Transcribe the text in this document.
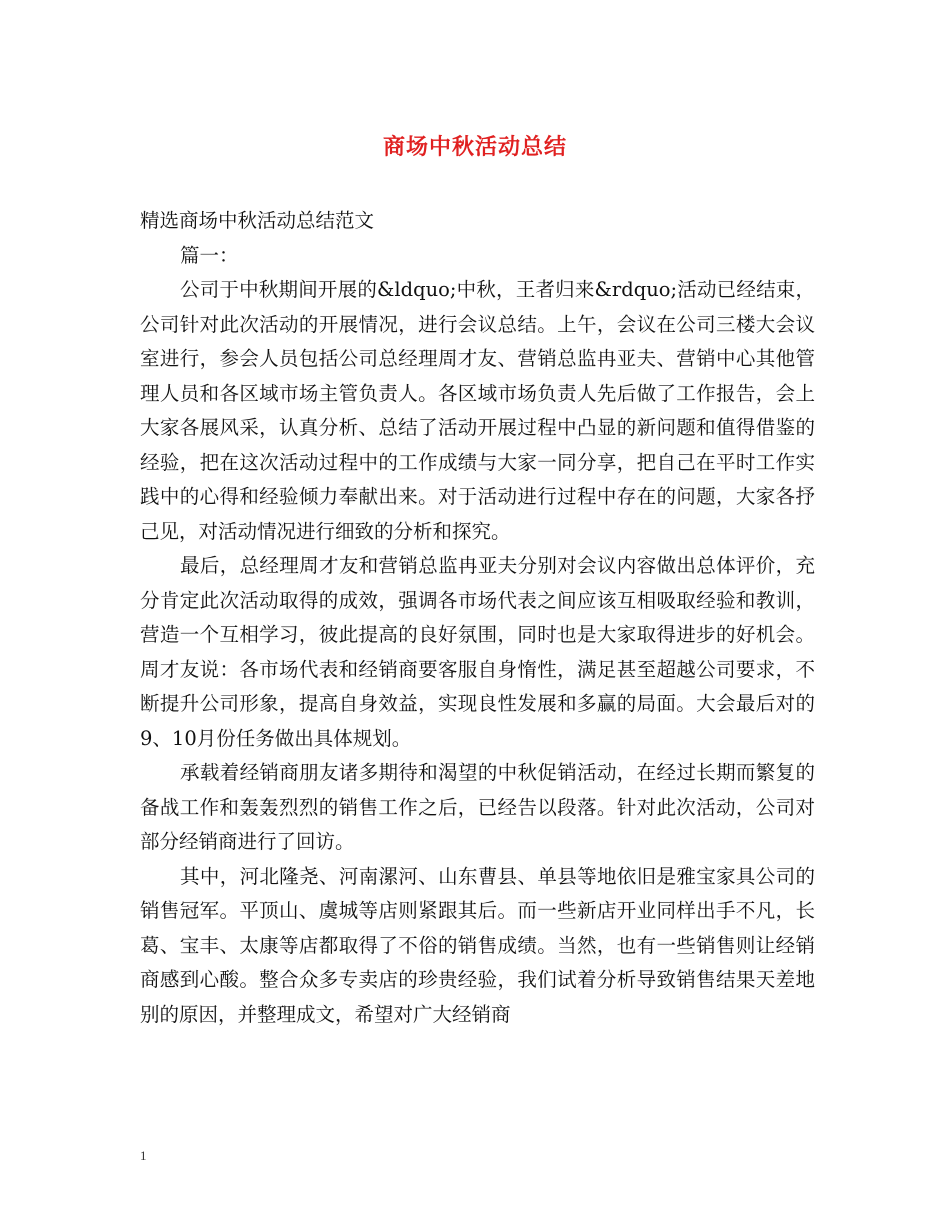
商场中秋活动总结

精选商场中秋活动总结范文

篇一：

公司于中秋期间开展的&ldquo;中秋，王者归来&rdquo;活动已经结束，公司针对此次活动的开展情况，进行会议总结。上午，会议在公司三楼大会议室进行，参会人员包括公司总经理周才友、营销总监冉亚夫、营销中心其他管理人员和各区域市场主管负责人。各区域市场负责人先后做了工作报告，会上大家各展风采，认真分析、总结了活动开展过程中凸显的新问题和值得借鉴的经验，把在这次活动过程中的工作成绩与大家一同分享，把自己在平时工作实践中的心得和经验倾力奉献出来。对于活动进行过程中存在的问题，大家各抒己见，对活动情况进行细致的分析和探究。

最后，总经理周才友和营销总监冉亚夫分别对会议内容做出总体评价，充分肯定此次活动取得的成效，强调各市场代表之间应该互相吸取经验和教训，营造一个互相学习，彼此提高的良好氛围，同时也是大家取得进步的好机会。周才友说：各市场代表和经销商要客服自身惰性，满足甚至超越公司要求，不断提升公司形象，提高自身效益，实现良性发展和多赢的局面。大会最后对的9、10月份任务做出具体规划。

承载着经销商朋友诸多期待和渴望的中秋促销活动，在经过长期而繁复的备战工作和轰轰烈烈的销售工作之后，已经告以段落。针对此次活动，公司对部分经销商进行了回访。

其中，河北隆尧、河南漯河、山东曹县、单县等地依旧是雅宝家具公司的销售冠军。平顶山、虞城等店则紧跟其后。而一些新店开业同样出手不凡，长葛、宝丰、太康等店都取得了不俗的销售成绩。当然，也有一些销售则让经销商感到心酸。整合众多专卖店的珍贵经验，我们试着分析导致销售结果天差地别的原因，并整理成文，希望对广大经销商

1
